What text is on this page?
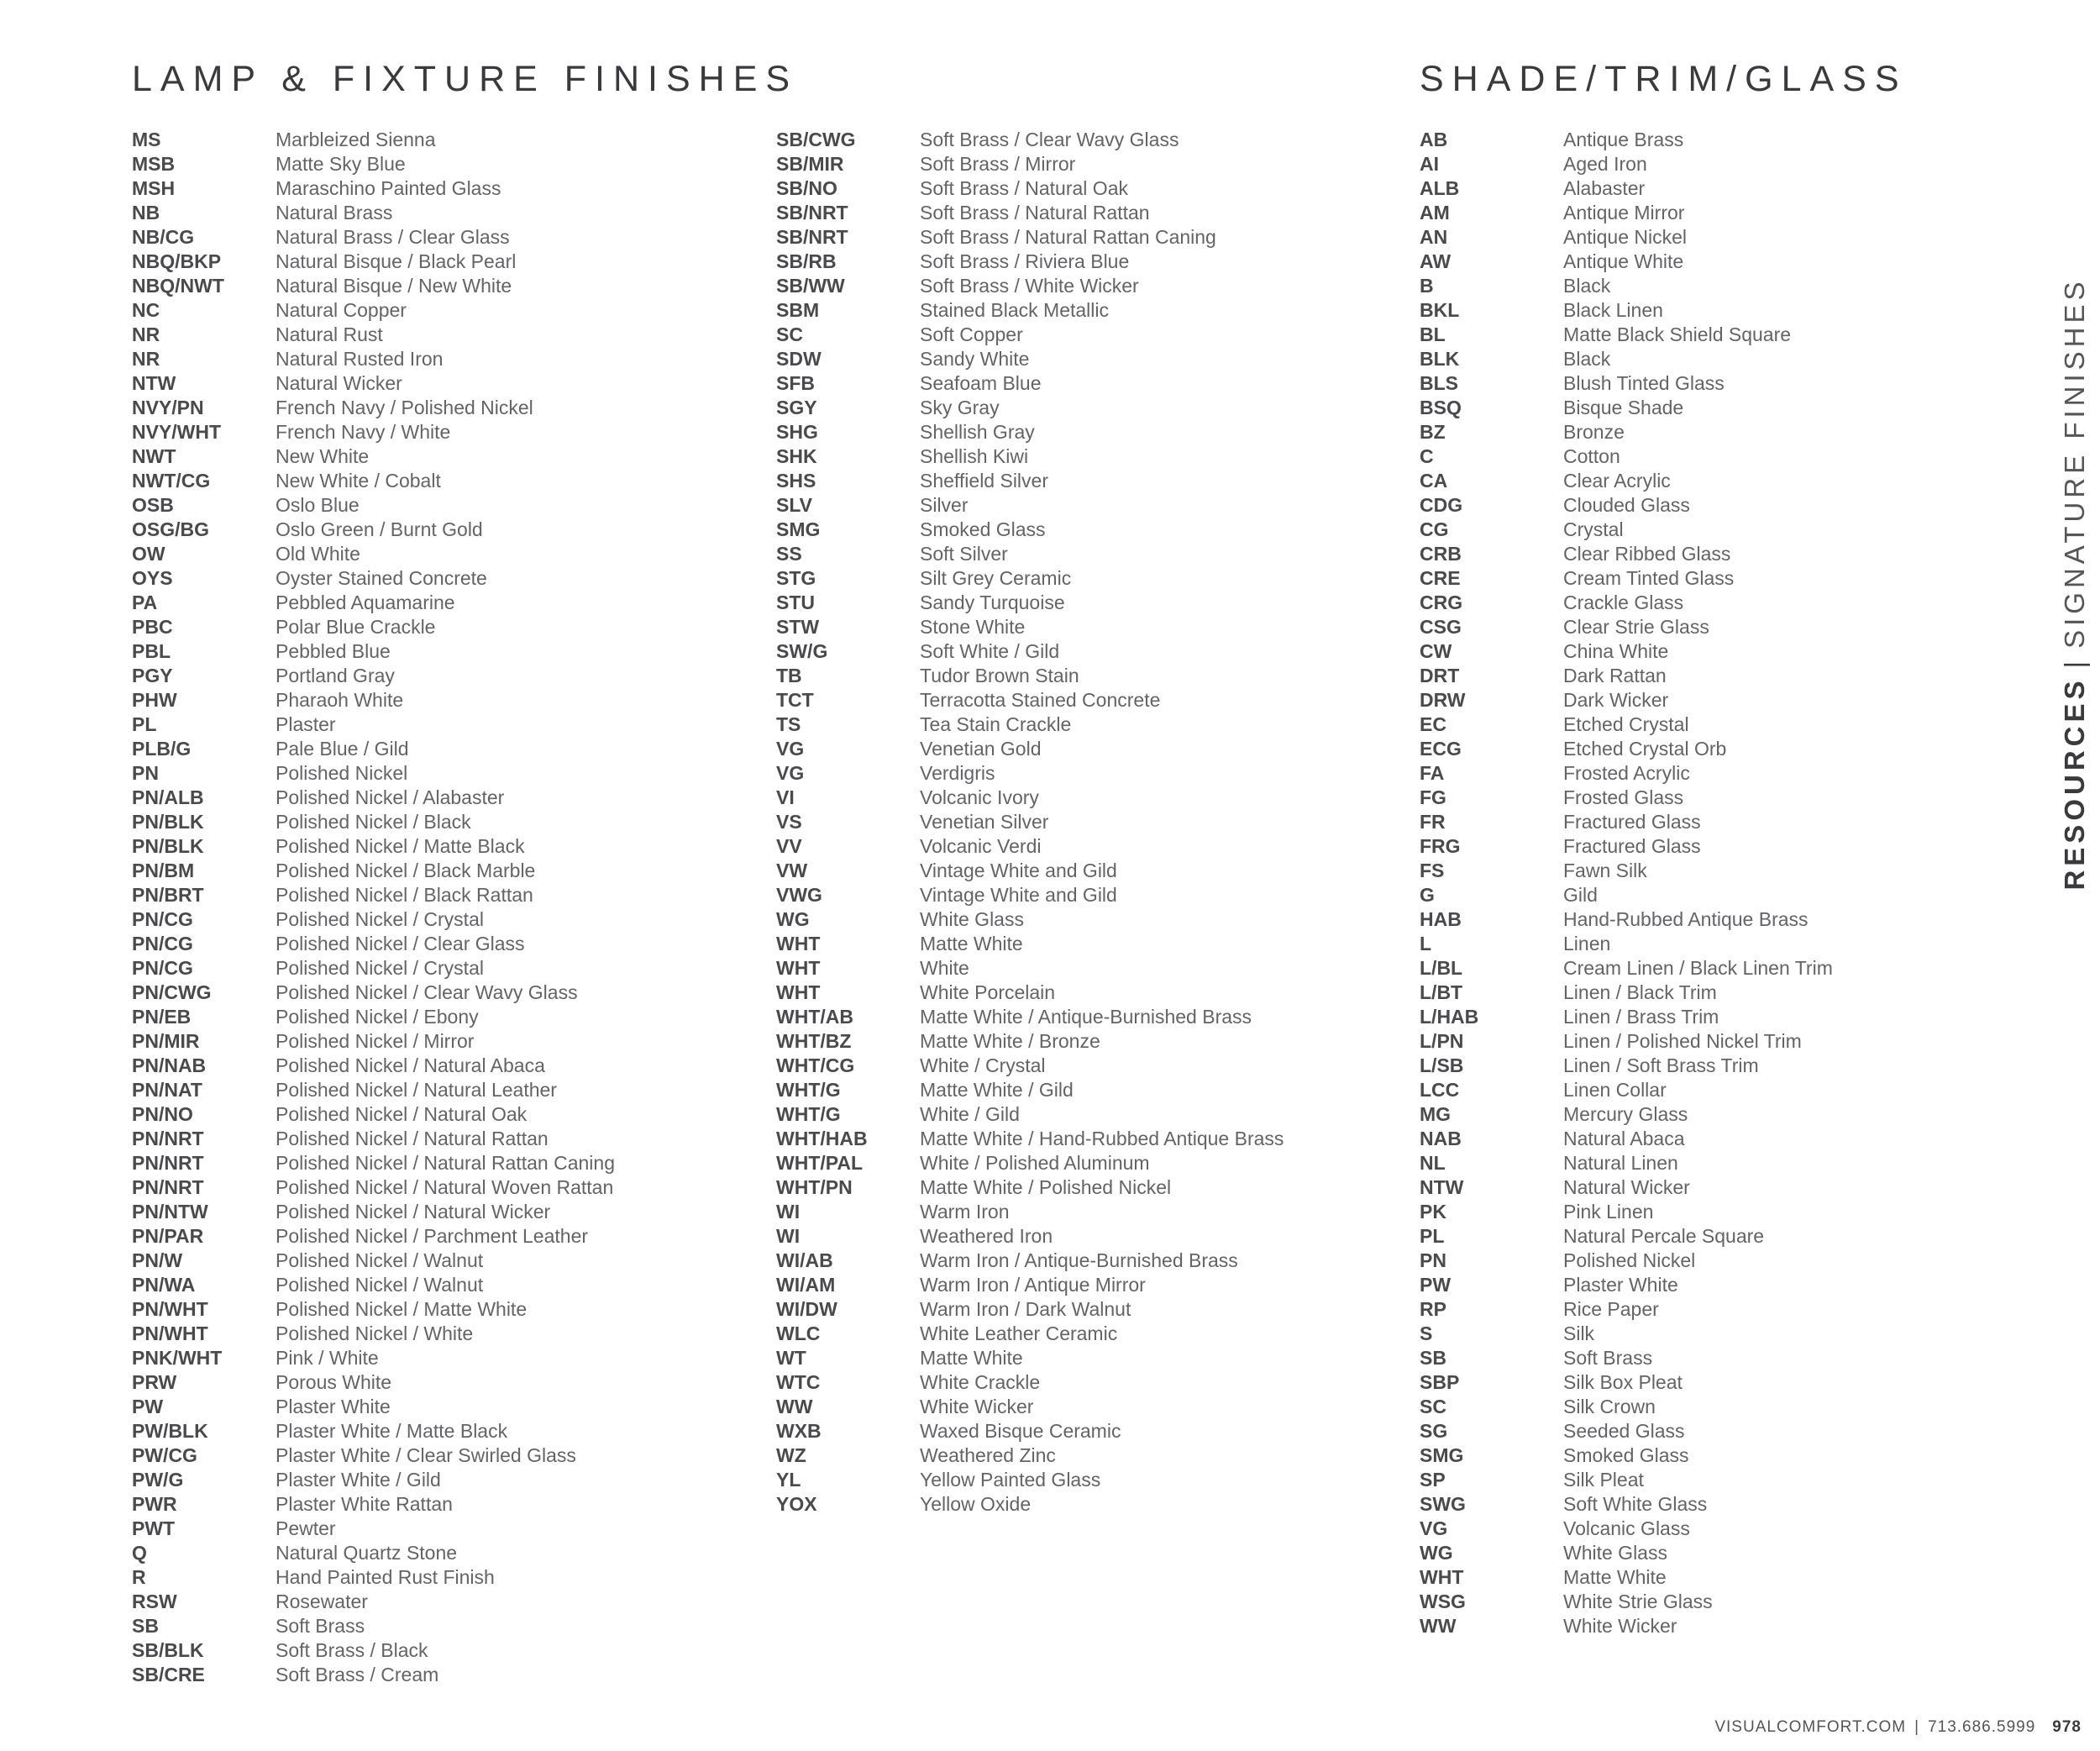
LAMP & FIXTURE FINISHES	SHADE/TRIM/GLASS
MS	Marbleized Sienna
MSB	Matte Sky Blue
MSH	Maraschino Painted Glass
NB	Natural Brass
NB/CG	Natural Brass / Clear Glass
NBQ/BKP	Natural Bisque / Black Pearl
NBQ/NWT	Natural Bisque / New White
NC	Natural Copper
NR	Natural Rust
NR	Natural Rusted Iron
NTW	Natural Wicker
NVY/PN	French Navy / Polished Nickel
NVY/WHT	French Navy / White
NWT	New White
NWT/CG	New White / Cobalt
OSB	Oslo Blue
OSG/BG	Oslo Green / Burnt Gold
OW	Old White
OYS	Oyster Stained Concrete
PA	Pebbled Aquamarine
PBC	Polar Blue Crackle
PBL	Pebbled Blue
PGY	Portland Gray
PHW	Pharaoh White
PL	Plaster
PLB/G	Pale Blue / Gild
PN	Polished Nickel
PN/ALB	Polished Nickel / Alabaster
PN/BLK	Polished Nickel / Black
PN/BLK	Polished Nickel / Matte Black
PN/BM	Polished Nickel / Black Marble
PN/BRT	Polished Nickel / Black Rattan
PN/CG	Polished Nickel / Crystal
PN/CG	Polished Nickel / Clear Glass
PN/CG	Polished Nickel / Crystal
PN/CWG	Polished Nickel / Clear Wavy Glass
PN/EB	Polished Nickel / Ebony
PN/MIR	Polished Nickel / Mirror
PN/NAB	Polished Nickel / Natural Abaca
PN/NAT	Polished Nickel / Natural Leather
PN/NO	Polished Nickel / Natural Oak
PN/NRT	Polished Nickel / Natural Rattan
PN/NRT	Polished Nickel / Natural Rattan Caning
PN/NRT	Polished Nickel / Natural Woven Rattan
PN/NTW	Polished Nickel / Natural Wicker
PN/PAR	Polished Nickel / Parchment Leather
PN/W	Polished Nickel / Walnut
PN/WA	Polished Nickel / Walnut
PN/WHT	Polished Nickel / Matte White
PN/WHT	Polished Nickel / White
PNK/WHT	Pink / White
PRW	Porous White
PW	Plaster White
PW/BLK	Plaster White / Matte Black
PW/CG	Plaster White / Clear Swirled Glass
PW/G	Plaster White / Gild
PWR	Plaster White Rattan
PWT	Pewter
Q	Natural Quartz Stone
R	Hand Painted Rust Finish
RSW	Rosewater
SB	Soft Brass
SB/BLK	Soft Brass / Black
SB/CRE	Soft Brass / Cream
SB/CWG	Soft Brass / Clear Wavy Glass
SB/MIR	Soft Brass / Mirror
SB/NO	Soft Brass / Natural Oak
SB/NRT	Soft Brass / Natural Rattan
SB/NRT	Soft Brass / Natural Rattan Caning
SB/RB	Soft Brass / Riviera Blue
SB/WW	Soft Brass / White Wicker
SBM	Stained Black Metallic
SC	Soft Copper
SDW	Sandy White
SFB	Seafoam Blue
SGY	Sky Gray
SHG	Shellish Gray
SHK	Shellish Kiwi
SHS	Sheffield Silver
SLV	Silver
SMG	Smoked Glass
SS	Soft Silver
STG	Silt Grey Ceramic
STU	Sandy Turquoise
STW	Stone White
SW/G	Soft White / Gild
TB	Tudor Brown Stain
TCT	Terracotta Stained Concrete
TS	Tea Stain Crackle
VG	Venetian Gold
VG	Verdigris
VI	Volcanic Ivory
VS	Venetian Silver
VV	Volcanic Verdi
VW	Vintage White and Gild
VWG	Vintage White and Gild
WG	White Glass
WHT	Matte White
WHT	White
WHT	White Porcelain
WHT/AB	Matte White / Antique-Burnished Brass
WHT/BZ	Matte White / Bronze
WHT/CG	White / Crystal
WHT/G	Matte White / Gild
WHT/G	White / Gild
WHT/HAB	Matte White / Hand-Rubbed Antique Brass
WHT/PAL	White / Polished Aluminum
WHT/PN	Matte White / Polished Nickel
WI	Warm Iron
WI	Weathered Iron
WI/AB	Warm Iron / Antique-Burnished Brass
WI/AM	Warm Iron / Antique Mirror
WI/DW	Warm Iron / Dark Walnut
WLC	White Leather Ceramic
WT	Matte White
WTC	White Crackle
WW	White Wicker
WXB	Waxed Bisque Ceramic
WZ	Weathered Zinc
YL	Yellow Painted Glass
YOX	Yellow Oxide
AB	Antique Brass
AI	Aged Iron
ALB	Alabaster
AM	Antique Mirror
AN	Antique Nickel
AW	Antique White
B	Black
BKL	Black Linen
BL	Matte Black Shield Square
BLK	Black
BLS	Blush Tinted Glass
BSQ	Bisque Shade
BZ	Bronze
C	Cotton
CA	Clear Acrylic
CDG	Clouded Glass
CG	Crystal
CRB	Clear Ribbed Glass
CRE	Cream Tinted Glass
CRG	Crackle Glass
CSG	Clear Strie Glass
CW	China White
DRT	Dark Rattan
DRW	Dark Wicker
EC	Etched Crystal
ECG	Etched Crystal Orb
FA	Frosted Acrylic
FG	Frosted Glass
FR	Fractured Glass
FRG	Fractured Glass
FS	Fawn Silk
G	Gild
HAB	Hand-Rubbed Antique Brass
L	Linen
L/BL	Cream Linen / Black Linen Trim
L/BT	Linen / Black Trim
L/HAB	Linen / Brass Trim
L/PN	Linen / Polished Nickel Trim
L/SB	Linen / Soft Brass Trim
LCC	Linen Collar
MG	Mercury Glass
NAB	Natural Abaca
NL	Natural Linen
NTW	Natural Wicker
PK	Pink Linen
PL	Natural Percale Square
PN	Polished Nickel
PW	Plaster White
RP	Rice Paper
S	Silk
SB	Soft Brass
SBP	Silk Box Pleat
SC	Silk Crown
SG	Seeded Glass
SMG	Smoked Glass
SP	Silk Pleat
SWG	Soft White Glass
VG	Volcanic Glass
WG	White Glass
WHT	Matte White
WSG	White Strie Glass
WW	White Wicker
RESOURCES|SIGNATURE FINISHES
VISUALCOMFORT.COM | 713.686.5999 978
